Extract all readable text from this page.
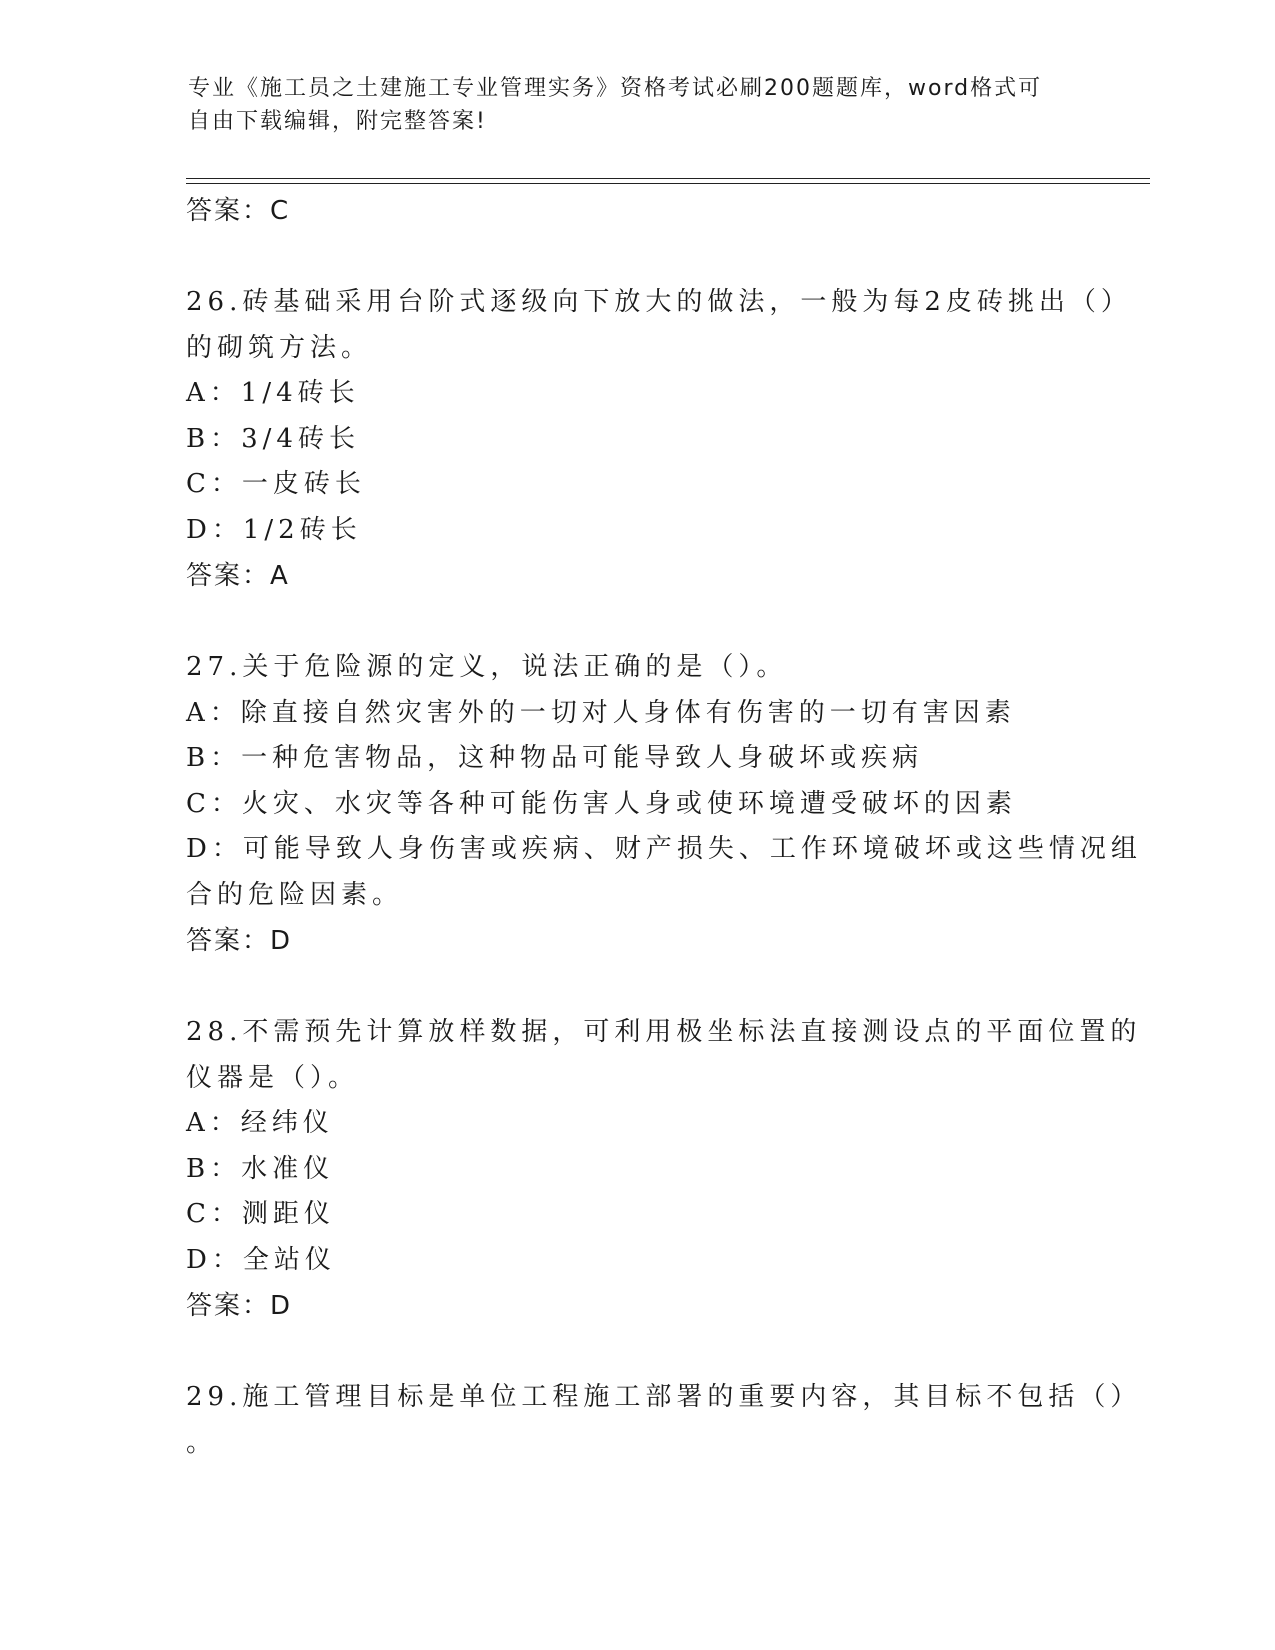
专业《施工员之土建施工专业管理实务》资格考试必刷200题题库，word格式可
自由下载编辑，附完整答案!
答案：C
26.砖基础采用台阶式逐级向下放大的做法，一般为每2皮砖挑出（）
的砌筑方法。
A：1/4砖长
B：3/4砖长
C：一皮砖长
D：1/2砖长
答案：A
27.关于危险源的定义，说法正确的是（）。
A：除直接自然灾害外的一切对人身体有伤害的一切有害因素
B：一种危害物品，这种物品可能导致人身破坏或疾病
C：火灾、水灾等各种可能伤害人身或使环境遭受破坏的因素
D：可能导致人身伤害或疾病、财产损失、工作环境破坏或这些情况组
合的危险因素。
答案：D
28.不需预先计算放样数据，可利用极坐标法直接测设点的平面位置的
仪器是（）。
A：经纬仪
B：水准仪
C：测距仪
D：全站仪
答案：D
29.施工管理目标是单位工程施工部署的重要内容，其目标不包括（）
。
